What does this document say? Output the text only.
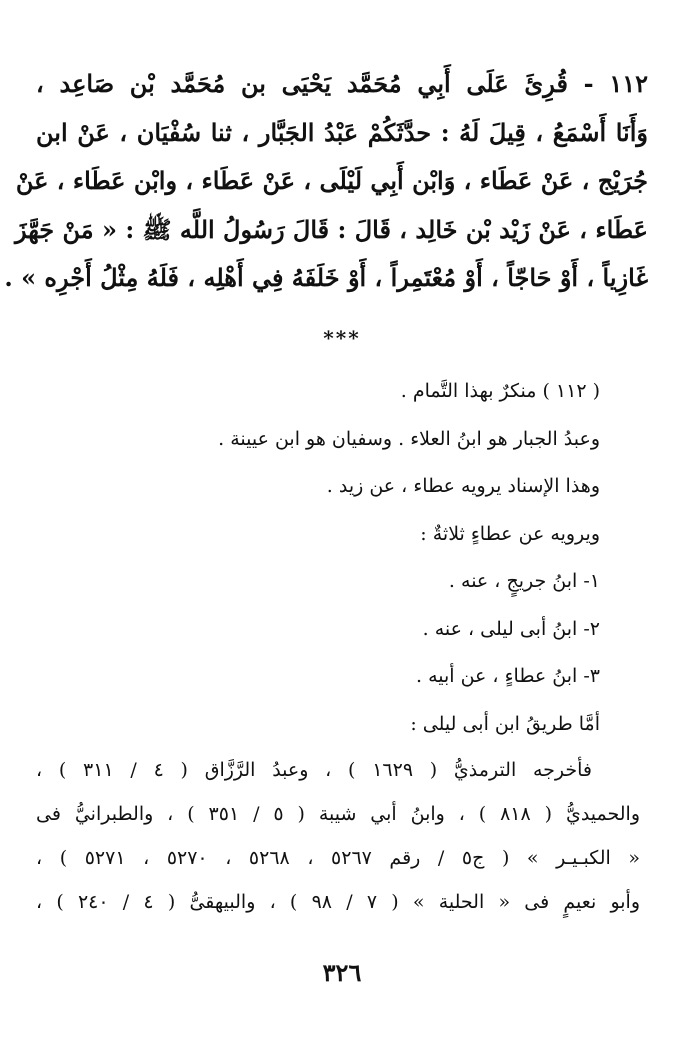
١١٢ - قُرِئَ عَلَى أَبِي مُحَمَّد يَحْيَى بن مُحَمَّد بْن صَاعِد ،
وَأَنَا أَسْمَعُ ، قِيلَ لَهُ : حدَّثَكُمْ عَبْدُ الجَبَّار ، ثنا سُفْيَان ، عَنْ ابن
جُرَيْج ، عَنْ عَطَاء ، وَابْن أَبِي لَيْلَى ، عَنْ عَطَاء ، وابْن عَطَاء ، عَنْ
عَطَاء ، عَنْ زَيْد بْن خَالِد ، قَالَ : قَالَ رَسُولُ اللَّه ﷺ : « مَنْ جَهَّزَ
غَازِياً ، أَوْ حَاجّاً ، أَوْ مُعْتَمِراً ، أَوْ خَلَفَهُ فِي أَهْلِه ، فَلَهُ مِثْلُ أَجْرِه » .
***
( ١١٢ ) منكرٌ بهذا التَّمام .
وعبدُ الجبار هو ابنُ العلاء . وسفيان هو ابن عيينة .
وهذا الإسناد يرويه عطاء ، عن زيد .
ويرويه عن عطاءٍ ثلاثةٌ :
١- ابنُ جريجٍ ، عنه .
٢- ابنُ أبى ليلى ، عنه .
٣- ابنُ عطاءٍ ، عن أبيه .
أمَّا طريقُ ابن أبى ليلى :
فأخرجه الترمذيُّ ( ١٦٢٩ ) ، وعبدُ الرَّزَّاق ( ٤ / ٣١١ ) ،
والحميديُّ ( ٨١٨ ) ، وابنُ أبي شيبة ( ٥ / ٣٥١ ) ، والطبرانيُّ فى
« الكبـيـر » ( ج٥ / رقم ٥٢٦٧ ، ٥٢٦٨ ، ٥٢٧٠ ، ٥٢٧١ ) ،
وأبو نعيمٍ فى « الحلية » ( ٧ / ٩٨ ) ، والبيهقىُّ ( ٤ / ٢٤٠ ) ،
٣٢٦
